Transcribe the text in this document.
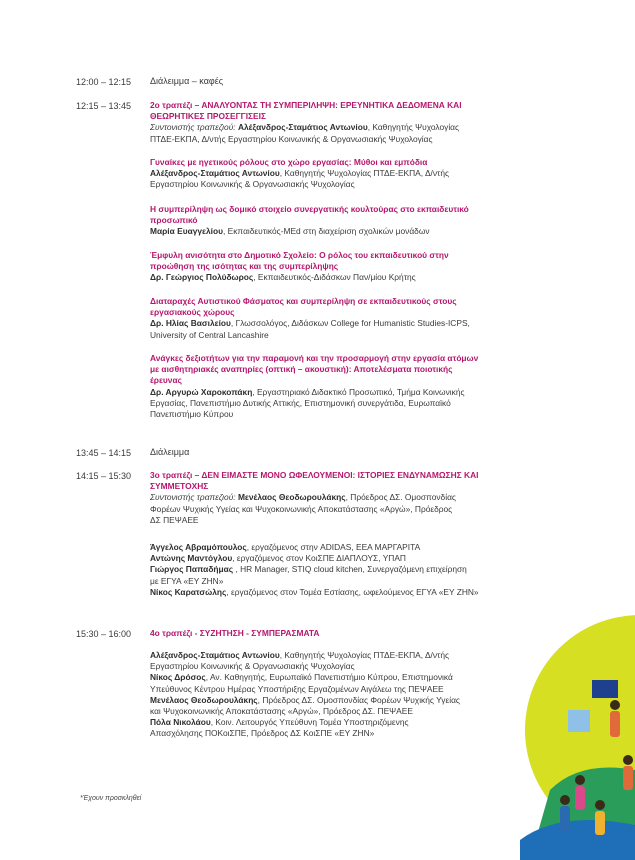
12:00 – 12:15 Διάλειμμα – καφές
12:15 – 13:45 2ο τραπέζι – ΑΝΑΛΥΟΝΤΑΣ ΤΗ ΣΥΜΠΕΡΙΛΗΨΗ: ΕΡΕΥΝΗΤΙΚΑ ΔΕΔΟΜΕΝΑ ΚΑΙ
ΘΕΩΡΗΤΙΚΕΣ ΠΡΟΣΕΓΓΙΣΕΙΣ
Συντονιστής τραπεζιού: Αλέξανδρος-Σταμάτιος Αντωνίου, Καθηγητής Ψυχολογίας
ΠΤΔΕ-ΕΚΠΑ, Δ/ντής Εργαστηρίου Κοινωνικής & Οργανωσιακής Ψυχολογίας
Γυναίκες με ηγετικούς ρόλους στο χώρο εργασίας: Μύθοι και εμπόδια
Αλέξανδρος-Σταμάτιος Αντωνίου, Καθηγητής Ψυχολογίας ΠΤΔΕ-ΕΚΠΑ, Δ/ντής
Εργαστηρίου Κοινωνικής & Οργανωσιακής Ψυχολογίας
Η συμπερίληψη ως δομικό στοιχείο συνεργατικής κουλτούρας στο εκπαιδευτικό
προσωπικό
Μαρία Ευαγγελίου, Εκπαιδευτικός-MEd στη διαχείριση σχολικών μονάδων
Έμφυλη ανισότητα στο Δημοτικό Σχολείο: Ο ρόλος του εκπαιδευτικού στην
προώθηση της ισότητας και της συμπερίληψης
Δρ. Γεώργιος Πολύδωρος, Εκπαιδευτικός-Διδάσκων Παν/μίου Κρήτης
Διαταραχές Αυτιστικού Φάσματος και συμπερίληψη σε εκπαιδευτικούς στους
εργασιακούς χώρους
Δρ. Ηλίας Βασιλείου, Γλωσσολόγος, Διδάσκων College for Humanistic Studies-ICPS,
University of Central Lancashire
Ανάγκες δεξιοτήτων για την παραμονή και την προσαρμογή στην εργασία ατόμων
με αισθητηριακές αναπηρίες (οπτική – ακουστική): Αποτελέσματα ποιοτικής
έρευνας
Δρ. Αργυρώ Χαροκοπάκη, Εργαστηριακό Διδακτικό Προσωπικό, Τμήμα Κοινωνικής
Εργασίας, Πανεπιστήμιο Δυτικής Αττικής, Επιστημονική συνεργάτιδα, Ευρωπαϊκό
Πανεπιστήμιο Κύπρου
13:45 – 14:15 Διάλειμμα
14:15 – 15:30 3ο τραπέζι – ΔΕΝ ΕΙΜΑΣΤΕ ΜΟΝΟ ΩΦΕΛΟΥΜΕΝΟΙ: ΙΣΤΟΡΙΕΣ ΕΝΔΥΝΑΜΩΣΗΣ ΚΑΙ
ΣΥΜΜΕΤΟΧΗΣ
Συντονιστής τραπεζιού: Μενέλαος Θεοδωρουλάκης, Πρόεδρος ΔΣ. Ομοσπονδίας
Φορέων Ψυχικής Υγείας και Ψυχοκοινωνικής Αποκατάστασης «Αργώ», Πρόεδρος
ΔΣ ΠΕΨΑΕΕ
Άγγελος Αβραμόπουλος, εργαζόμενος στην ADIDAS, ΕΕΑ ΜΑΡΓΑΡΙΤΑ
Αντώνης Μαντόγλου, εργαζόμενος στον ΚοιΣΠΕ ΔΙΑΠΛΟΥΣ, ΥΠΑΠ
Γιώργος Παπαδήμας , HR Manager, STIQ cloud kitchen, Συνεργαζόμενη επιχείρηση
με ΕΓΥΑ «ΕΥ ΖΗΝ»
Νίκος Καρατσώλης, εργαζόμενος στον Τομέα Εστίασης, ωφελούμενος ΕΓΥΑ «ΕΥ ΖΗΝ»
15:30 – 16:00 4ο τραπέζι - ΣΥΖΗΤΗΣΗ - ΣΥΜΠΕΡΑΣΜΑΤΑ
Αλέξανδρος-Σταμάτιος Αντωνίου, Καθηγητής Ψυχολογίας ΠΤΔΕ-ΕΚΠΑ, Δ/ντής
Εργαστηρίου Κοινωνικής & Οργανωσιακής Ψυχολογίας
Νίκος Δρόσος, Αν. Καθηγητής, Ευρωπαϊκό Πανεπιστήμιο Κύπρου, Επιστημονικά
Υπεύθυνος Κέντρου Ημέρας Υποστήριξης Εργαζομένων Αιγάλεω της ΠΕΨΑΕΕ
Μενέλαος Θεοδωρουλάκης, Πρόεδρος ΔΣ. Ομοσπονδίας Φορέων Ψυχικής Υγείας
και Ψυχοκοινωνικής Αποκατάστασης «Αργώ», Πρόεδρος ΔΣ. ΠΕΨΑΕΕ
Πόλα Νικολάου, Κοιν. Λειτουργός Υπεύθυνη Τομέα Υποστηριζόμενης
Απασχόλησης ΠΟΚοιΣΠΕ, Πρόεδρος ΔΣ ΚοιΣΠΕ «ΕΥ ΖΗΝ»
*Έχουν προσκληθεί
